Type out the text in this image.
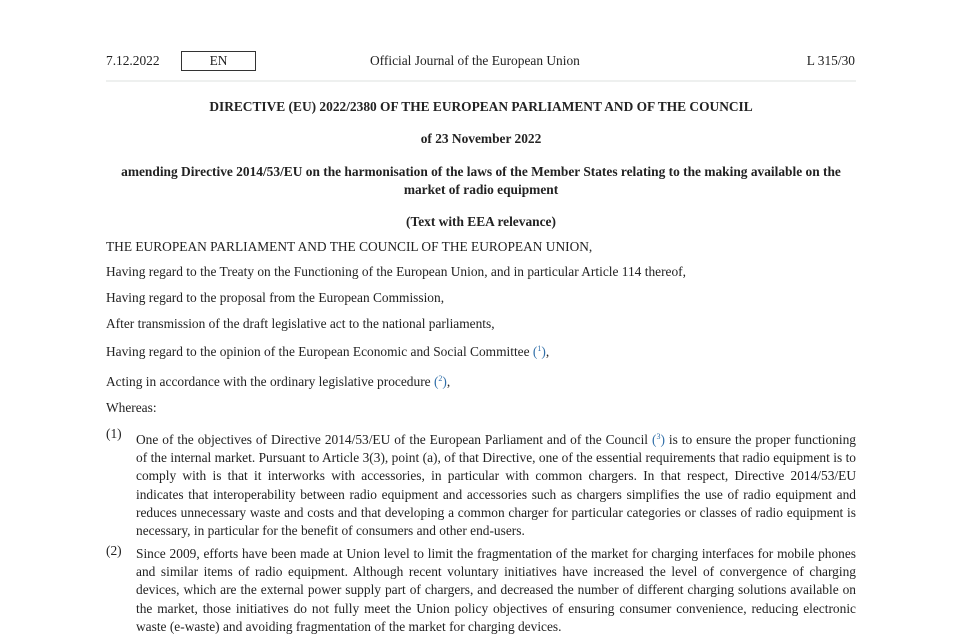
7.12.2022	EN	Official Journal of the European Union	L 315/30
DIRECTIVE (EU) 2022/2380 OF THE EUROPEAN PARLIAMENT AND OF THE COUNCIL
of 23 November 2022
amending Directive 2014/53/EU on the harmonisation of the laws of the Member States relating to the making available on the market of radio equipment
(Text with EEA relevance)
THE EUROPEAN PARLIAMENT AND THE COUNCIL OF THE EUROPEAN UNION,
Having regard to the Treaty on the Functioning of the European Union, and in particular Article 114 thereof,
Having regard to the proposal from the European Commission,
After transmission of the draft legislative act to the national parliaments,
Having regard to the opinion of the European Economic and Social Committee ($^1$),
Acting in accordance with the ordinary legislative procedure ($^2$),
Whereas:
(1) One of the objectives of Directive 2014/53/EU of the European Parliament and of the Council ($^3$) is to ensure the proper functioning of the internal market. Pursuant to Article 3(3), point (a), of that Directive, one of the essential requirements that radio equipment is to comply with is that it interworks with accessories, in particular with common chargers. In that respect, Directive 2014/53/EU indicates that interoperability between radio equipment and accessories such as chargers simplifies the use of radio equipment and reduces unnecessary waste and costs and that developing a common charger for particular categories or classes of radio equipment is necessary, in particular for the benefit of consumers and other end-users.
(2) Since 2009, efforts have been made at Union level to limit the fragmentation of the market for charging interfaces for mobile phones and similar items of radio equipment. Although recent voluntary initiatives have increased the level of convergence of charging devices, which are the external power supply part of chargers, and decreased the number of different charging solutions available on the market, those initiatives do not fully meet the Union policy objectives of ensuring consumer convenience, reducing electronic waste (e-waste) and avoiding fragmentation of the market for charging devices.
